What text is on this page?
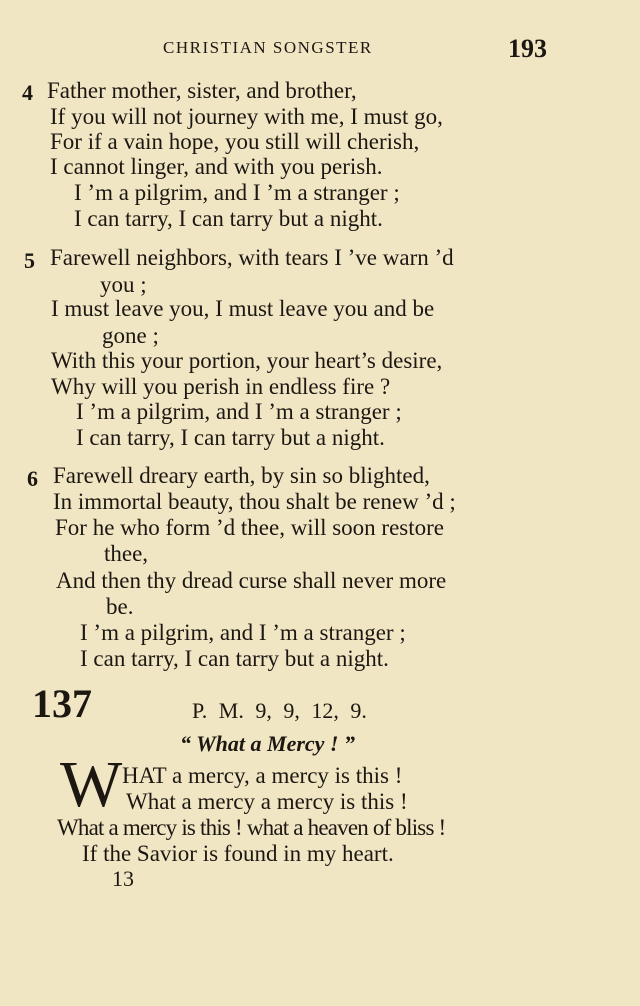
CHRISTIAN SONGSTER	193
4 Father mother, sister, and brother,
If you will not journey with me, I must go,
For if a vain hope, you still will cherish,
I cannot linger, and with you perish.
I ’m a pilgrim, and I ’m a stranger ;
I can tarry, I can tarry but a night.
5 Farewell neighbors, with tears I ’ve warn ’d
you ;
I must leave you, I must leave you and be
gone ;
With this your portion, your heart’s desire,
Why will you perish in endless fire ?
I ’m a pilgrim, and I ’m a stranger ;
I can tarry, I can tarry but a night.
6 Farewell dreary earth, by sin so blighted,
In immortal beauty, thou shalt be renew ’d ;
For he who form ’d thee, will soon restore
thee,
And then thy dread curse shall never more
be.
I ’m a pilgrim, and I ’m a stranger ;
I can tarry, I can tarry but a night.
137	P. M. 9, 9, 12, 9.
“ What a Mercy ! ”
W HAT a mercy, a mercy is this !
What a mercy a mercy is this !
What a mercy is this ! what a heaven of bliss !
If the Savior is found in my heart.
13
